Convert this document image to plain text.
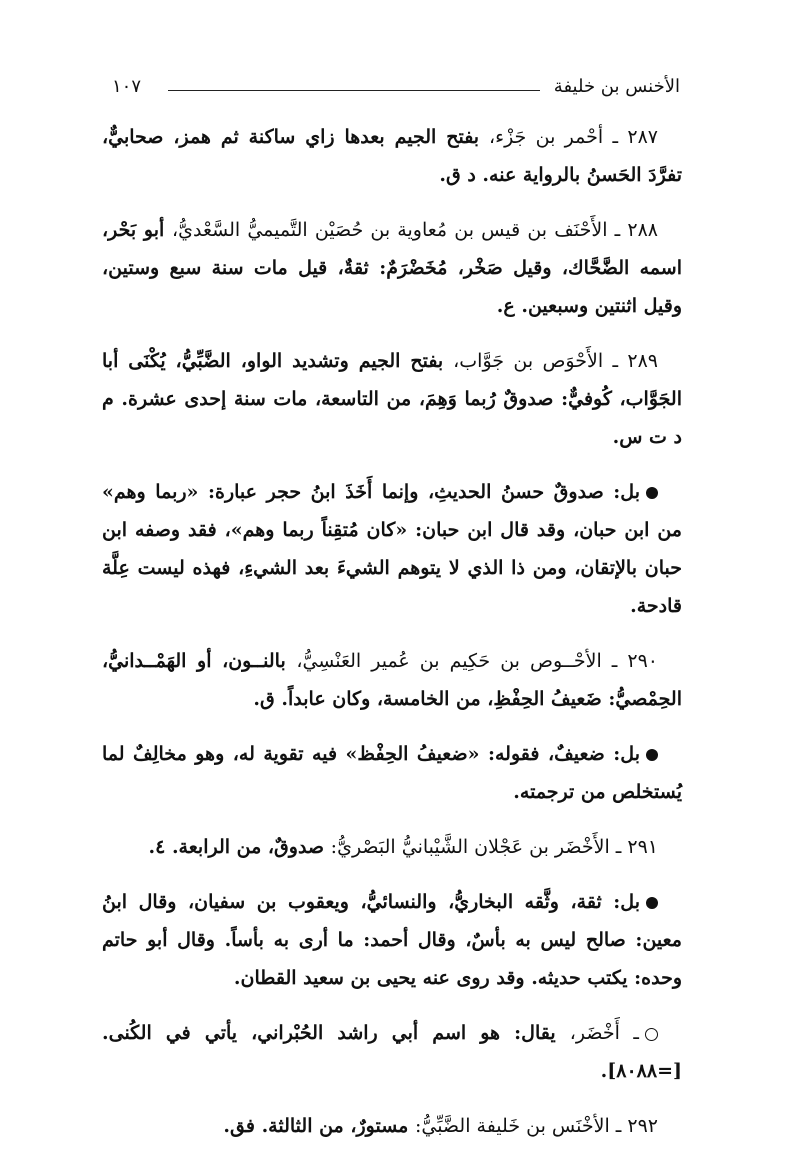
الأخنس بن خليفة
١٠٧

٢٨٧ ـ أحْمر بن جَزْء، بفتح الجيم بعدها زاي ساكنة ثم همز، صحابيٌّ، تفرَّدَ الحَسنُ بالرواية عنه. د ق.

٢٨٨ ـ الأَحْنَف بن قيس بن مُعاوية بن حُصَيْن التَّميميُّ السَّعْديُّ، أبو بَحْر، اسمه الضَّحَّاك، وقيل صَخْر، مُخَضْرَمٌ: ثقةٌ، قيل مات سنة سبع وستين، وقيل اثنتين وسبعين. ع.

٢٨٩ ـ الأَحْوَص بن جَوَّاب، بفتح الجيم وتشديد الواو، الضَّبِّيُّ، يُكْنَى أبا الجَوَّاب، كُوفيٌّ: صدوقٌ رُبما وَهِمَ، من التاسعة، مات سنة إحدى عشرة. م د ت س.

بل: صدوقٌ حسنُ الحديثِ، وإنما أَخَذَ ابنُ حجر عبارة: «ربما وهم» من ابن حبان، وقد قال ابن حبان: «كان مُتقِناً ربما وهم»، فقد وصفه ابن حبان بالإتقان، ومن ذا الذي لا يتوهم الشيءَ بعد الشيءِ، فهذه ليست عِلَّة قادحة.

٢٩٠ ـ الأحْــوص بن حَكِيم بن عُمير العَنْسِيُّ، بالنــون، أو الهَمْــدانيُّ، الحِمْصيُّ: ضَعيفُ الحِفْظِ، من الخامسة، وكان عابداً. ق.

بل: ضعيفٌ، فقوله: «ضعيفُ الحِفْظ» فيه تقوية له، وهو مخالِفٌ لما يُستخلص من ترجمته.

٢٩١ ـ الأَخْضَر بن عَجْلان الشَّيْبانيُّ البَصْريُّ: صدوقٌ، من الرابعة. ٤.

بل: ثقة، وثَّقه البخاريُّ، والنسائيُّ، ويعقوب بن سفيان، وقال ابنُ معين: صالح ليس به بأسٌ، وقال أحمد: ما أرى به بأساً. وقال أبو حاتم وحده: يكتب حديثه. وقد روى عنه يحيى بن سعيد القطان.

ـ أَخْضَر، يقال: هو اسم أبي راشد الحُبْراني، يأتي في الكُنى. [=٨٠٨٨].

٢٩٢ ـ الأخْنَس بن خَليفة الضَّبِّيُّ: مستورٌ، من الثالثة. فق.
